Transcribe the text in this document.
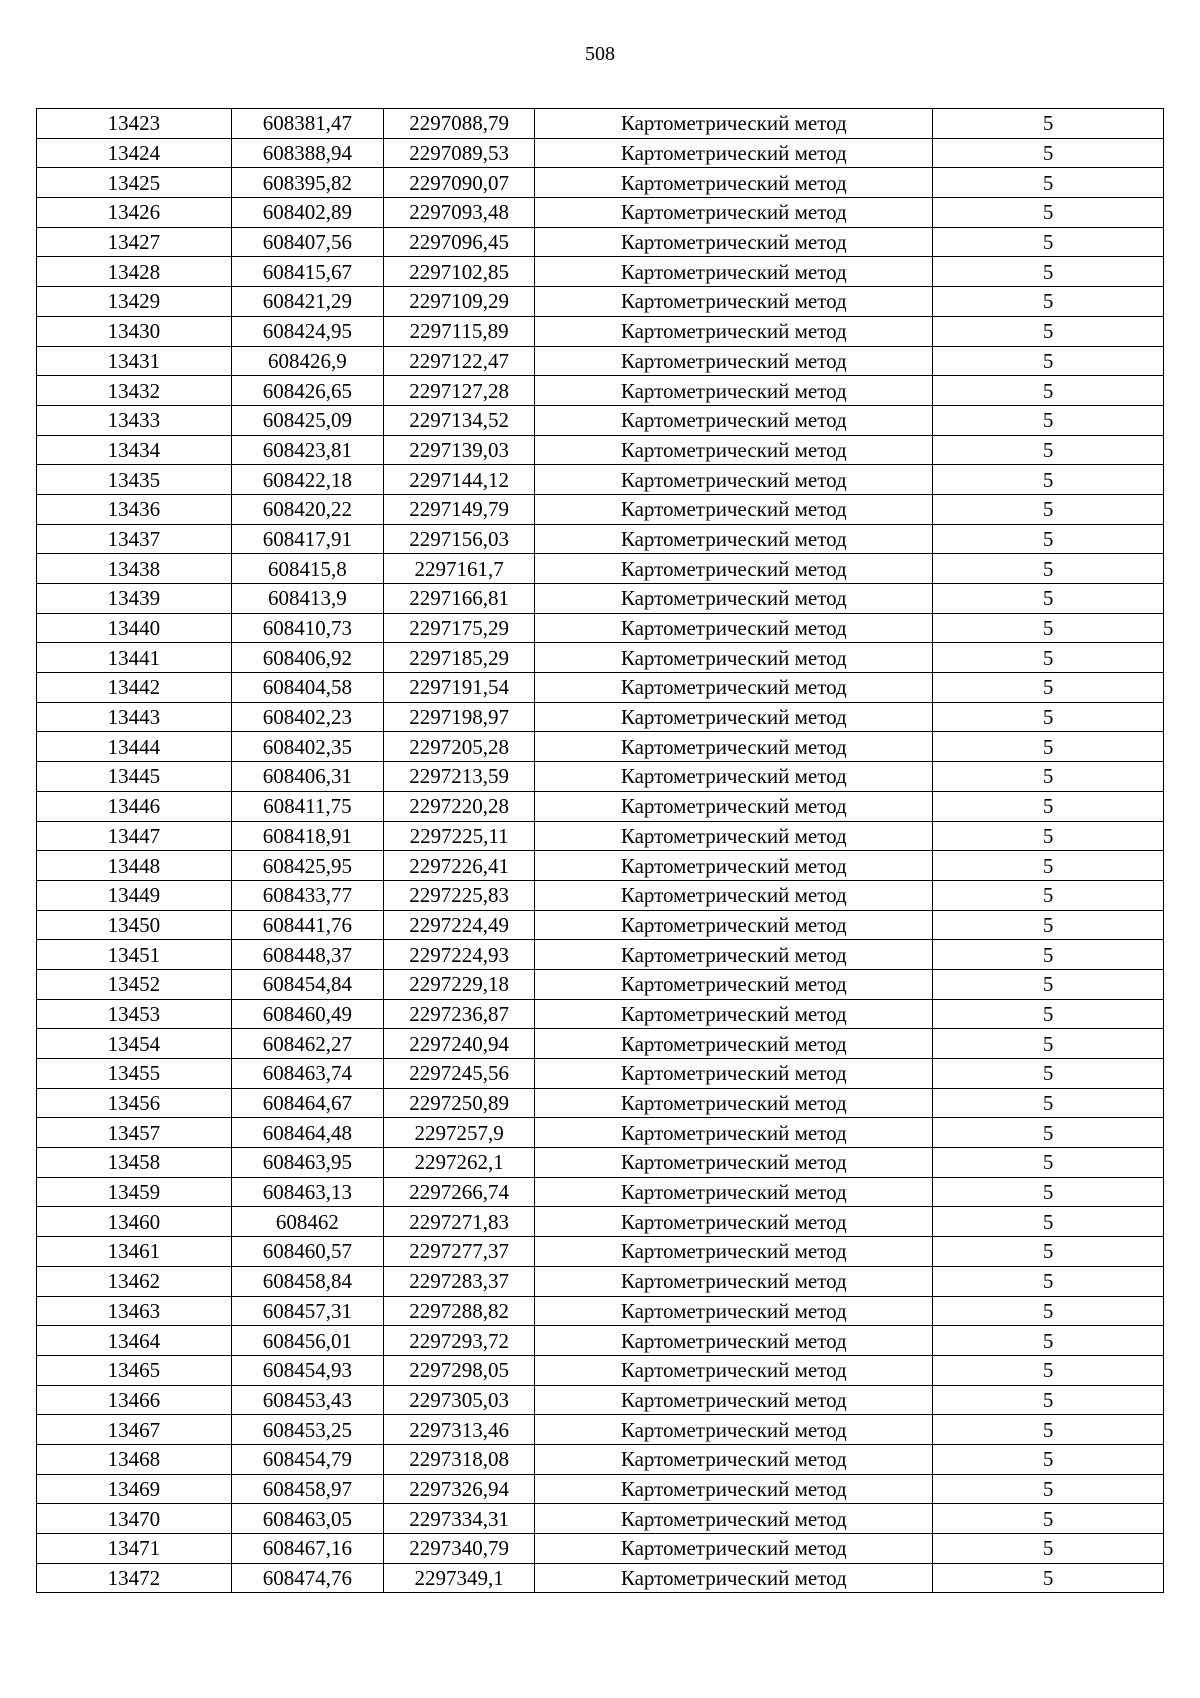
508
13423	608381,47	2297088,79	Картометрический метод	5
13424	608388,94	2297089,53	Картометрический метод	5
13425	608395,82	2297090,07	Картометрический метод	5
13426	608402,89	2297093,48	Картометрический метод	5
13427	608407,56	2297096,45	Картометрический метод	5
13428	608415,67	2297102,85	Картометрический метод	5
13429	608421,29	2297109,29	Картометрический метод	5
13430	608424,95	2297115,89	Картометрический метод	5
13431	608426,9	2297122,47	Картометрический метод	5
13432	608426,65	2297127,28	Картометрический метод	5
13433	608425,09	2297134,52	Картометрический метод	5
13434	608423,81	2297139,03	Картометрический метод	5
13435	608422,18	2297144,12	Картометрический метод	5
13436	608420,22	2297149,79	Картометрический метод	5
13437	608417,91	2297156,03	Картометрический метод	5
13438	608415,8	2297161,7	Картометрический метод	5
13439	608413,9	2297166,81	Картометрический метод	5
13440	608410,73	2297175,29	Картометрический метод	5
13441	608406,92	2297185,29	Картометрический метод	5
13442	608404,58	2297191,54	Картометрический метод	5
13443	608402,23	2297198,97	Картометрический метод	5
13444	608402,35	2297205,28	Картометрический метод	5
13445	608406,31	2297213,59	Картометрический метод	5
13446	608411,75	2297220,28	Картометрический метод	5
13447	608418,91	2297225,11	Картометрический метод	5
13448	608425,95	2297226,41	Картометрический метод	5
13449	608433,77	2297225,83	Картометрический метод	5
13450	608441,76	2297224,49	Картометрический метод	5
13451	608448,37	2297224,93	Картометрический метод	5
13452	608454,84	2297229,18	Картометрический метод	5
13453	608460,49	2297236,87	Картометрический метод	5
13454	608462,27	2297240,94	Картометрический метод	5
13455	608463,74	2297245,56	Картометрический метод	5
13456	608464,67	2297250,89	Картометрический метод	5
13457	608464,48	2297257,9	Картометрический метод	5
13458	608463,95	2297262,1	Картометрический метод	5
13459	608463,13	2297266,74	Картометрический метод	5
13460	608462	2297271,83	Картометрический метод	5
13461	608460,57	2297277,37	Картометрический метод	5
13462	608458,84	2297283,37	Картометрический метод	5
13463	608457,31	2297288,82	Картометрический метод	5
13464	608456,01	2297293,72	Картометрический метод	5
13465	608454,93	2297298,05	Картометрический метод	5
13466	608453,43	2297305,03	Картометрический метод	5
13467	608453,25	2297313,46	Картометрический метод	5
13468	608454,79	2297318,08	Картометрический метод	5
13469	608458,97	2297326,94	Картометрический метод	5
13470	608463,05	2297334,31	Картометрический метод	5
13471	608467,16	2297340,79	Картометрический метод	5
13472	608474,76	2297349,1	Картометрический метод	5
